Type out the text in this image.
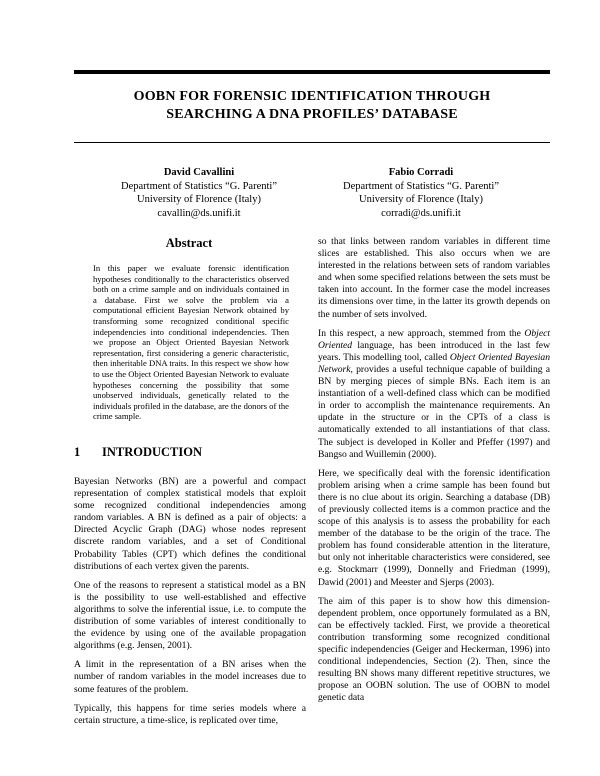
OOBN FOR FORENSIC IDENTIFICATION THROUGH
SEARCHING A DNA PROFILES’ DATABASE
David Cavallini
Department of Statistics “G. Parenti”
University of Florence (Italy)
cavallin@ds.unifi.it
Fabio Corradi
Department of Statistics “G. Parenti”
University of Florence (Italy)
corradi@ds.unifi.it
Abstract
In this paper we evaluate forensic identification hypotheses conditionally to the characteristics observed both on a crime sample and on individuals contained in a database. First we solve the problem via a computational efficient Bayesian Network obtained by transforming some recognized conditional specific independencies into conditional independencies. Then we propose an Object Oriented Bayesian Network representation, first considering a generic characteristic, then inheritable DNA traits. In this respect we show how to use the Object Oriented Bayesian Network to evaluate hypotheses concerning the possibility that some unobserved individuals, genetically related to the individuals profiled in the database, are the donors of the crime sample.
1 INTRODUCTION

Bayesian Networks (BN) are a powerful and compact representation of complex statistical models that exploit some recognized conditional independencies among random variables. A BN is defined as a pair of objects: a Directed Acyclic Graph (DAG) whose nodes represent discrete random variables, and a set of Conditional Probability Tables (CPT) which defines the conditional distributions of each vertex given the parents.

One of the reasons to represent a statistical model as a BN is the possibility to use well-established and effective algorithms to solve the inferential issue, i.e. to compute the distribution of some variables of interest conditionally to the evidence by using one of the available propagation algorithms (e.g. Jensen, 2001).

A limit in the representation of a BN arises when the number of random variables in the model increases due to some features of the problem.

Typically, this happens for time series models where a certain structure, a time-slice, is replicated over time,

so that links between random variables in different time slices are established. This also occurs when we are interested in the relations between sets of random variables and when some specified relations between the sets must be taken into account. In the former case the model increases its dimensions over time, in the latter its growth depends on the number of sets involved.

In this respect, a new approach, stemmed from the Object Oriented language, has been introduced in the last few years. This modelling tool, called Object Oriented Bayesian Network, provides a useful technique capable of building a BN by merging pieces of simple BNs. Each item is an instantiation of a well-defined class which can be modified in order to accomplish the maintenance requirements. An update in the structure or in the CPTs of a class is automatically extended to all instantiations of that class. The subject is developed in Koller and Pfeffer (1997) and Bangso and Wuillemin (2000).

Here, we specifically deal with the forensic identification problem arising when a crime sample has been found but there is no clue about its origin. Searching a database (DB) of previously collected items is a common practice and the scope of this analysis is to assess the probability for each member of the database to be the origin of the trace. The problem has found considerable attention in the literature, but only not inheritable characteristics were considered, see e.g. Stockmarr (1999), Donnelly and Friedman (1999), Dawid (2001) and Meester and Sjerps (2003).

The aim of this paper is to show how this dimension-dependent problem, once opportunely formulated as a BN, can be effectively tackled. First, we provide a theoretical contribution transforming some recognized conditional specific independencies (Geiger and Heckerman, 1996) into conditional independencies, Section (2). Then, since the resulting BN shows many different repetitive structures, we propose an OOBN solution. The use of OOBN to model genetic data
